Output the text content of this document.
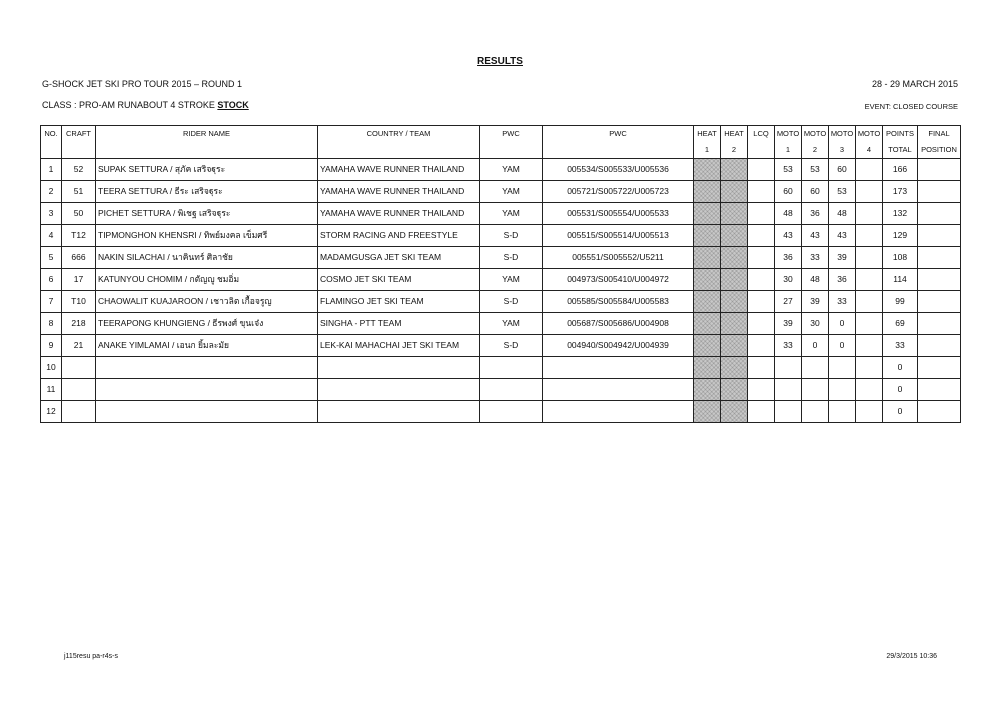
RESULTS
G-SHOCK JET SKI PRO TOUR 2015 – ROUND 1	28 - 29 MARCH 2015
CLASS : PRO-AM RUNABOUT 4 STROKE STOCK	EVENT: CLOSED COURSE
NO.	CRAFT	RIDER NAME	COUNTRY / TEAM	PWC	PWC	HEAT	HEAT	LCQ	MOTO	MOTO	MOTO	MOTO	POINTS	FINAL
						1	2		1	2	3	4	TOTAL	POSITION
1	52	SUPAK SETTURA / สุภัค เสริจฐุระ	YAMAHA WAVE RUNNER THAILAND	YAM	005534/S005533/U005536				53	53	60		166	
2	51	TEERA SETTURA / ธีระ เสริจฐุระ	YAMAHA WAVE RUNNER THAILAND	YAM	005721/S005722/U005723				60	60	53		173	
3	50	PICHET SETTURA / พิเชฐ เสริจฐุระ	YAMAHA WAVE RUNNER THAILAND	YAM	005531/S005554/U005533				48	36	48		132	
4	T12	TIPMONGHON KHENSRI / ทิพย์มงคล เข็มศรี	STORM RACING AND FREESTYLE	S-D	005515/S005514/U005513				43	43	43		129	
5	666	NAKIN SILACHAI / นาคินทร์ ศิลาชัย	MADAMGUSGA JET SKI TEAM	S-D	005551/S005552/U5211				36	33	39		108	
6	17	KATUNYOU CHOMIM / กตัญญู ชมอิ่ม	COSMO JET SKI TEAM	YAM	004973/S005410/U004972				30	48	36		114	
7	T10	CHAOWALIT KUAJAROON / เชาวลิต เกื้อจรูญ	FLAMINGO JET SKI TEAM	S-D	005585/S005584/U005583				27	39	33		99	
8	218	TEERAPONG KHUNGIENG / ธีรพงศ์ ขุนเจ๋ง	SINGHA - PTT TEAM	YAM	005687/S005686/U004908				39	30	0		69	
9	21	ANAKE YIMLAMAI / เอนก ยิ้มละมัย	LEK-KAI MAHACHAI JET SKI TEAM	S-D	004940/S004942/U004939				33	0	0		33	
10													0	
11													0	
12													0	
j115resu pa-r4s-s	29/3/2015 10:36
